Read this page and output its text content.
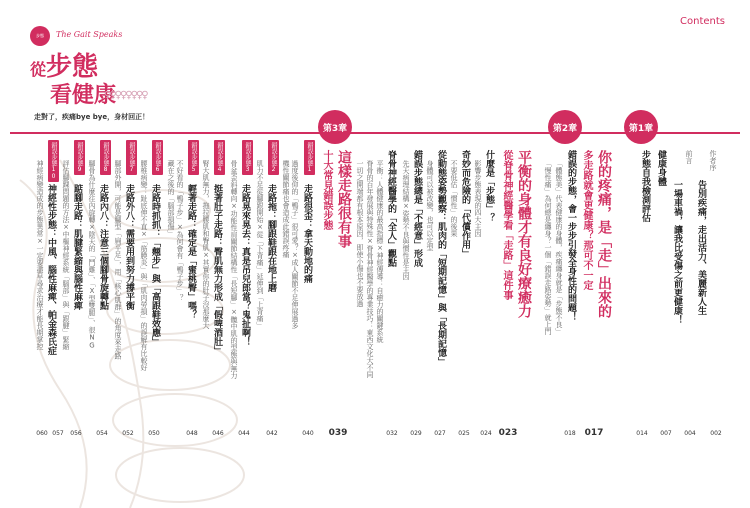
步態	The Gait Speaks
從步態
看健康
♀♀♀♀♀♀♀♀
走對了，疾痛bye bye，身材回正！
Contents
作者序
告別疾痛，走出活力、美麗新人生
002
前言
一場車禍，讓我比受傷之前更健康！
004
健康身體
007
步態自我檢測評估
014
第1章
你的疼痛，是「走」出來的
多走路就會更健康？那可不一定
017
錯誤的步態，會一步步引發全身性的問題！
018
「體態美」代表健康的身體，疾痛纏身就是「步態不良」
「慢性痛」為何總是纏身？一個「錯誤走路姿勢」就上門
第2章
平衡的身體才有良好療癒力
從脊骨神經醫學看「走路」這件事
023
什麼是「步態」？
024
影響步態表現的四大主因
奇妙而危險的「代償作用」
025
不要低估「慣性」的後果
從動態姿勢觀察：肌肉的「短期記憶」與「長期記憶」
027
身體可以被改變，也可以定型
錯誤步態總是「不經意」形成
029
先天病理結構×姿勢不良與慣性是主因
脊骨神經醫學的「全人」觀點
032
平衡：人體健康的最高指標×神經傳導：自癒力的關鍵系統
脊骨的百年發展與特殊性×脊骨神經醫學的專業技巧：東西文化大不同
一切之開端都有根本原因，即使小傷也不要放過
第3章
這樣走路很有事
十大常見錯誤步態
039
錯誤步態1
走路很歪：拿天動地的痛
040
過度後仰的「鴨子」很可愛？×成人關節不足伸展過多
機性關節痛也會造成此錯誤疼痛
錯誤步態2
走路拖：腳跟鞋跟在地上磨
042
肌力不足從腳跟開始×從「下背痛」延伸到「上背痛」
錯誤步態3
走路晃來晃去：真是吊兒郎當？鬼扯啊！
044
骨盆歪斜轉向×功能性肩關節結構性「長短腳」×髖中肌的型態與無力
錯誤步態4
挺著肚子走路：臀肌無力形成「假啤酒肚」
046
腎大肌無力，拖拉腰肌和臀肌×其實你的肚子沒那麼大
錯誤步態5
輕著走路：確定是「蜜桃臀」嗎？
048
不好看的「鴨子步」×為何會有「鴨子步」？
藏在之後的「腦部損傷」
錯誤步態6
走路時抓抓：「翹步」與「高跟鞋效應」
050
腰椎病變：趾底伸不直×「筋膜炎」與「肌肉勞損」的誤解有比較好
錯誤步態7
走路外八：需要用到努力撐平衡
052
腳部外開，可能是腳型「扁平足」，用「核心肌群」的角度來走路
錯誤步態8
走路內八：注意三個腳骨旋轉點
054
腳骨為什麼往內旋轉×陰天的「鬥雞」、「X型雙腿」、很NG
錯誤步態9
踮腳走路：肌腱緊縮與腦性麻痺
056
評估腳踝問題的方法×中樞神經系統「腦部」與「跟腱」緊縮
錯誤步態10
神經性步態：中風、腦性麻痺、帕金森氏症
057
神經病變造成的步態異常×一定要盡早尋求治療才能長期掌控
060
